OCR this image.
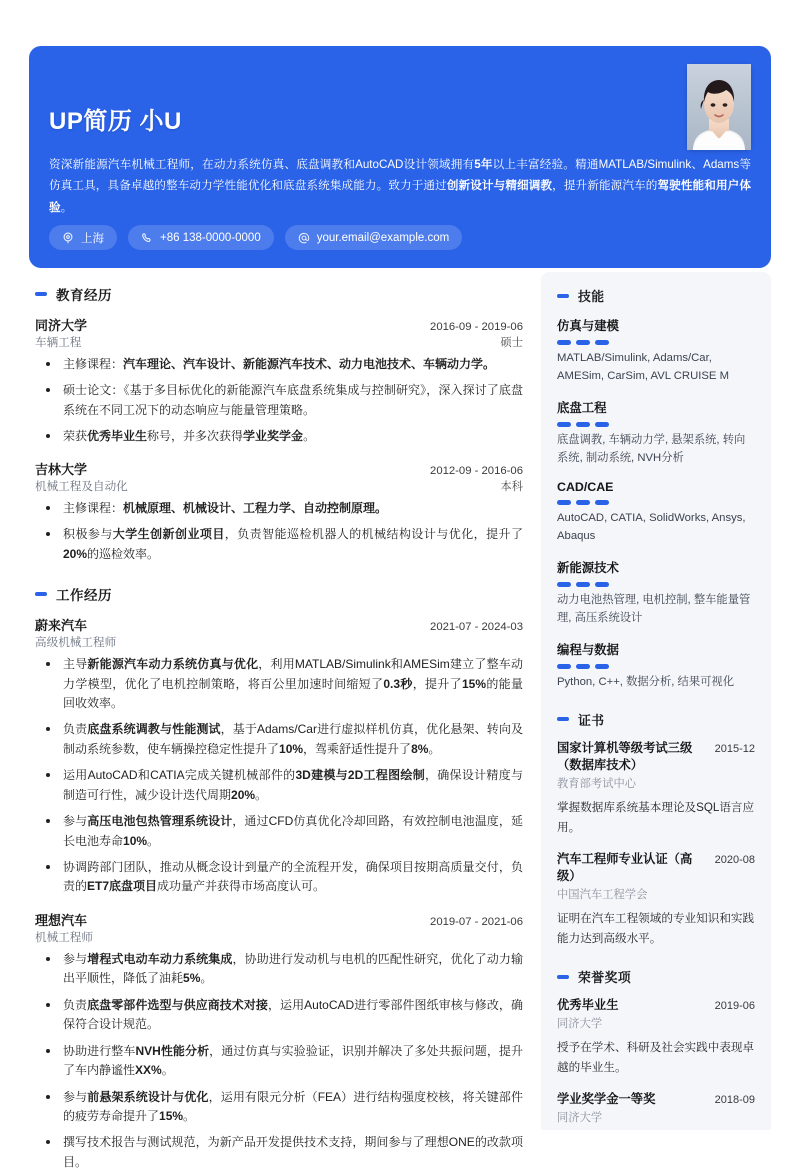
UP简历 小U
资深新能源汽车机械工程师，在动力系统仿真、底盘调教和AutoCAD设计领域拥有5年以上丰富经验。精通MATLAB/Simulink、Adams等仿真工具，具备卓越的整车动力学性能优化和底盘系统集成能力。致力于通过创新设计与精细调教，提升新能源汽车的驾驶性能和用户体验。
上海	+86 138-0000-0000	your.email@example.com
教育经历
同济大学	2016-09 - 2019-06
车辆工程	硕士
主修课程：汽车理论、汽车设计、新能源汽车技术、动力电池技术、车辆动力学。
硕士论文：《基于多目标优化的新能源汽车底盘系统集成与控制研究》，深入探讨了底盘系统在不同工况下的动态响应与能量管理策略。
荣获优秀毕业生称号，并多次获得学业奖学金。
吉林大学	2012-09 - 2016-06
机械工程及自动化	本科
主修课程：机械原理、机械设计、工程力学、自动控制原理。
积极参与大学生创新创业项目，负责智能巡检机器人的机械结构设计与优化，提升了20%的巡检效率。
工作经历
蔚来汽车	2021-07 - 2024-03
高级机械工程师
主导新能源汽车动力系统仿真与优化，利用MATLAB/Simulink和AMESim建立了整车动力学模型，优化了电机控制策略，将百公里加速时间缩短了0.3秒，提升了15%的能量回收效率。
负责底盘系统调教与性能测试，基于Adams/Car进行虚拟样机仿真，优化悬架、转向及制动系统参数，使车辆操控稳定性提升了10%，驾乘舒适性提升了8%。
运用AutoCAD和CATIA完成关键机械部件的3D建模与2D工程图绘制，确保设计精度与制造可行性，减少设计迭代周期20%。
参与高压电池包热管理系统设计，通过CFD仿真优化冷却回路，有效控制电池温度，延长电池寿命10%。
协调跨部门团队，推动从概念设计到量产的全流程开发，确保项目按期高质量交付，负责的ET7底盘项目成功量产并获得市场高度认可。
理想汽车	2019-07 - 2021-06
机械工程师
参与增程式电动车动力系统集成，协助进行发动机与电机的匹配性研究，优化了动力输出平顺性，降低了油耗5%。
负责底盘零部件选型与供应商技术对接，运用AutoCAD进行零部件图纸审核与修改，确保符合设计规范。
协助进行整车NVH性能分析，通过仿真与实验验证，识别并解决了多处共振问题，提升了车内静谧性XX%。
参与前悬架系统设计与优化，运用有限元分析（FEA）进行结构强度校核，将关键部件的疲劳寿命提升了15%。
撰写技术报告与测试规范，为新产品开发提供技术支持，期间参与了理想ONE的改款项目。
技能
仿真与建模
MATLAB/Simulink, Adams/Car, AMESim, CarSim, AVL CRUISE M
底盘工程
底盘调教, 车辆动力学, 悬架系统, 转向系统, 制动系统, NVH分析
CAD/CAE
AutoCAD, CATIA, SolidWorks, Ansys, Abaqus
新能源技术
动力电池热管理, 电机控制, 整车能量管理, 高压系统设计
编程与数据
Python, C++, 数据分析, 结果可视化
证书
国家计算机等级考试三级（数据库技术）
2015-12
教育部考试中心
掌握数据库系统基本理论及SQL语言应用。
汽车工程师专业认证（高级）
2020-08
中国汽车工程学会
证明在汽车工程领域的专业知识和实践能力达到高级水平。
荣誉奖项
优秀毕业生	2019-06
同济大学
授予在学术、科研及社会实践中表现卓越的毕业生。
学业奖学金一等奖	2018-09
同济大学
